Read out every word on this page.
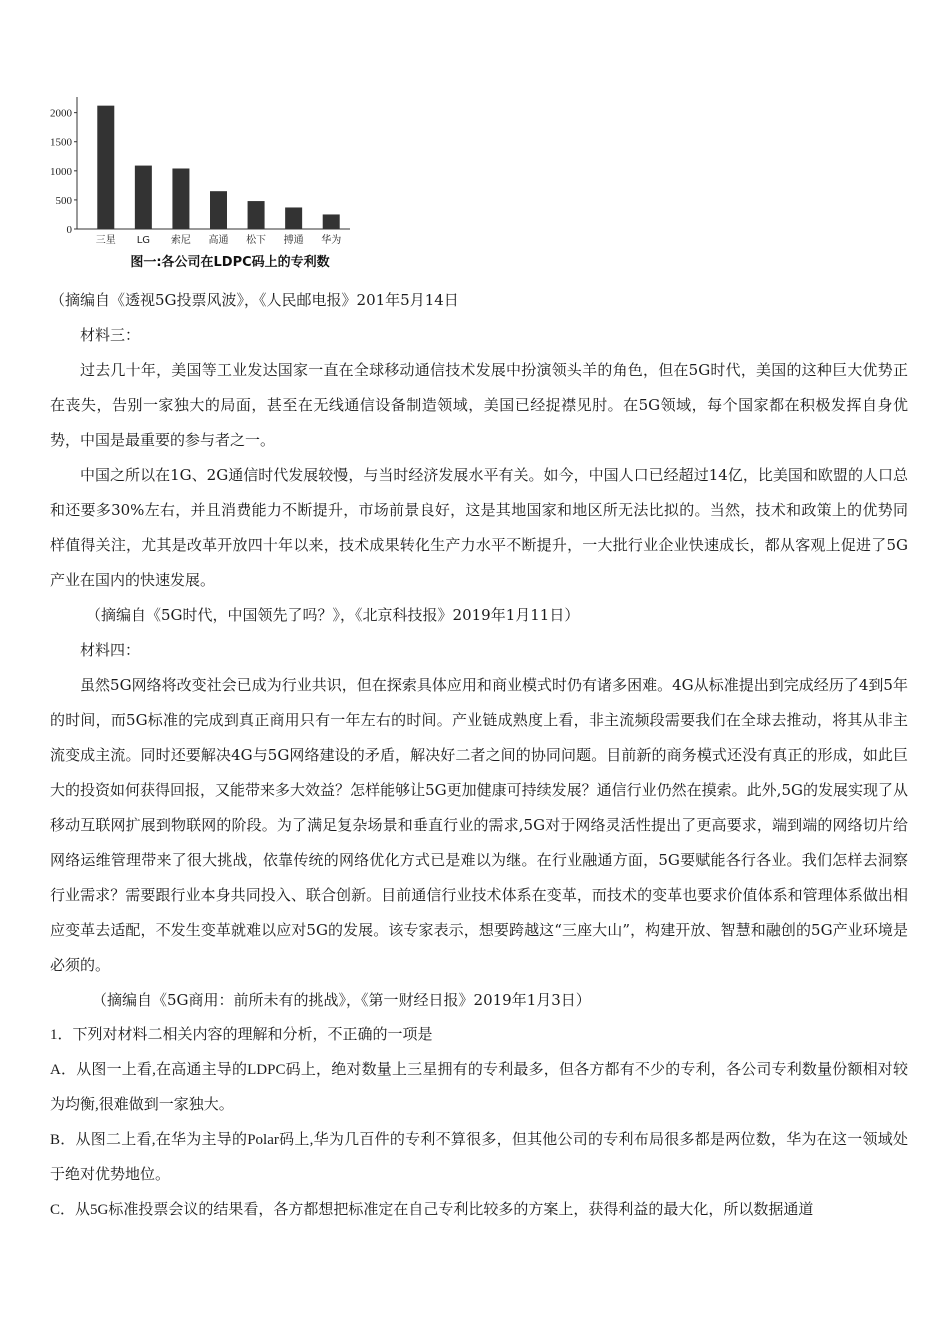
2000
1500
1000
500
0
三星 LG 索尼 高通 松下 搏通 华为
图一:各公司在LDPC码上的专利数

（摘编自《透视5G投票风波》，《人民邮电报》201年5月14日

材料三：

过去几十年，美国等工业发达国家一直在全球移动通信技术发展中扮演领头羊的角色，但在5G时代，美国的这种巨大优势正在丧失，告别一家独大的局面，甚至在无线通信设备制造领域，美国已经捉襟见肘。在5G领域，每个国家都在积极发挥自身优势，中国是最重要的参与者之一。

中国之所以在1G、2G通信时代发展较慢，与当时经济发展水平有关。如今，中国人口已经超过14亿，比美国和欧盟的人口总和还要多30%左右，并且消费能力不断提升，市场前景良好，这是其地国家和地区所无法比拟的。当然，技术和政策上的优势同样值得关注，尤其是改革开放四十年以来，技术成果转化生产力水平不断提升，一大批行业企业快速成长，都从客观上促进了5G产业在国内的快速发展。

（摘编自《5G时代，中国领先了吗？》，《北京科技报》2019年1月11日）

材料四：

虽然5G网络将改变社会已成为行业共识，但在探索具体应用和商业模式时仍有诸多困难。4G从标准提出到完成经历了4到5年的时间，而5G标准的完成到真正商用只有一年左右的时间。产业链成熟度上看，非主流频段需要我们在全球去推动，将其从非主流变成主流。同时还要解决4G与5G网络建设的矛盾，解决好二者之间的协同问题。目前新的商务模式还没有真正的形成，如此巨大的投资如何获得回报，又能带来多大效益？怎样能够让5G更加健康可持续发展？通信行业仍然在摸索。此外,5G的发展实现了从移动互联网扩展到物联网的阶段。为了满足复杂场景和垂直行业的需求,5G对于网络灵活性提出了更高要求，端到端的网络切片给网络运维管理带来了很大挑战，依靠传统的网络优化方式已是难以为继。在行业融通方面，5G要赋能各行各业。我们怎样去洞察行业需求？需要跟行业本身共同投入、联合创新。目前通信行业技术体系在变革，而技术的变革也要求价值体系和管理体系做出相应变革去适配，不发生变革就难以应对5G的发展。该专家表示，想要跨越这“三座大山”，构建开放、智慧和融创的5G产业环境是必须的。

（摘编自《5G商用：前所未有的挑战》，《第一财经日报》2019年1月3日）

1．下列对材料二相关内容的理解和分析，不正确的一项是

A．从图一上看,在高通主导的LDPC码上，绝对数量上三星拥有的专利最多，但各方都有不少的专利，各公司专利数量份额相对较为均衡,很难做到一家独大。

B．从图二上看,在华为主导的Polar码上,华为几百件的专利不算很多，但其他公司的专利布局很多都是两位数，华为在这一领域处于绝对优势地位。

C．从5G标准投票会议的结果看，各方都想把标准定在自己专利比较多的方案上，获得利益的最大化，所以数据通道
